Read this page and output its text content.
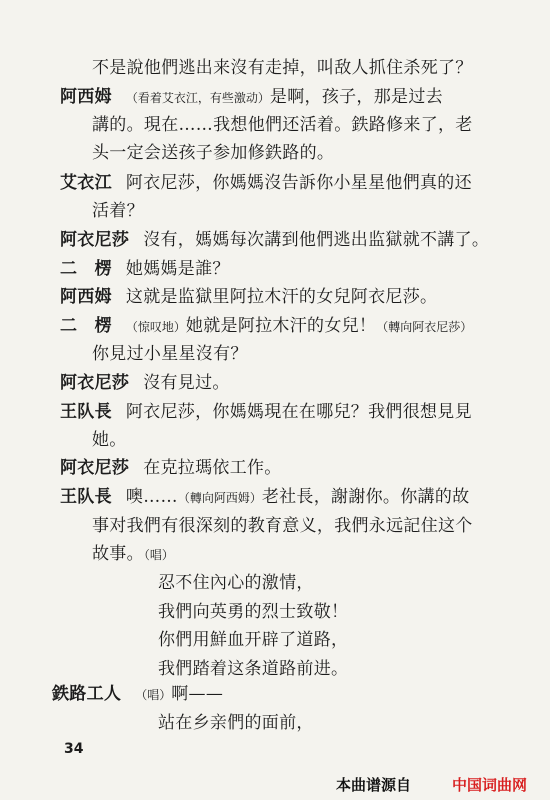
不是說他們逃出来沒有走掉，叫敌人抓住杀死了？
阿西姆 （看着艾衣江，有些激动）是啊，孩子，那是过去
講的。現在……我想他們还活着。鉄路修来了，老
头一定会送孩子参加修鉄路的。
艾衣江 阿衣尼莎，你媽媽沒告訴你小星星他們真的还
活着？
阿衣尼莎 沒有，媽媽每次講到他們逃出监獄就不講了。
二　楞 她媽媽是誰？
阿西姆 这就是监獄里阿拉木汗的女兒阿衣尼莎。
二　楞 （惊叹地）她就是阿拉木汗的女兒！（轉向阿衣尼莎）
你見过小星星沒有？
阿衣尼莎 沒有見过。
王队長 阿衣尼莎，你媽媽現在在哪兒？我們很想見見
她。
阿衣尼莎 在克拉瑪依工作。
王队長 噢……（轉向阿西姆）老社長，謝謝你。你講的故
事对我們有很深刻的教育意义，我們永远記住这个
故事。（唱）
忍不住內心的激情，
我們向英勇的烈士致敬！
你們用鮮血开辟了道路，
我們踏着这条道路前进。
鉄路工人 （唱）啊——
站在乡亲們的面前，
34
本曲谱源自	中国词曲网
